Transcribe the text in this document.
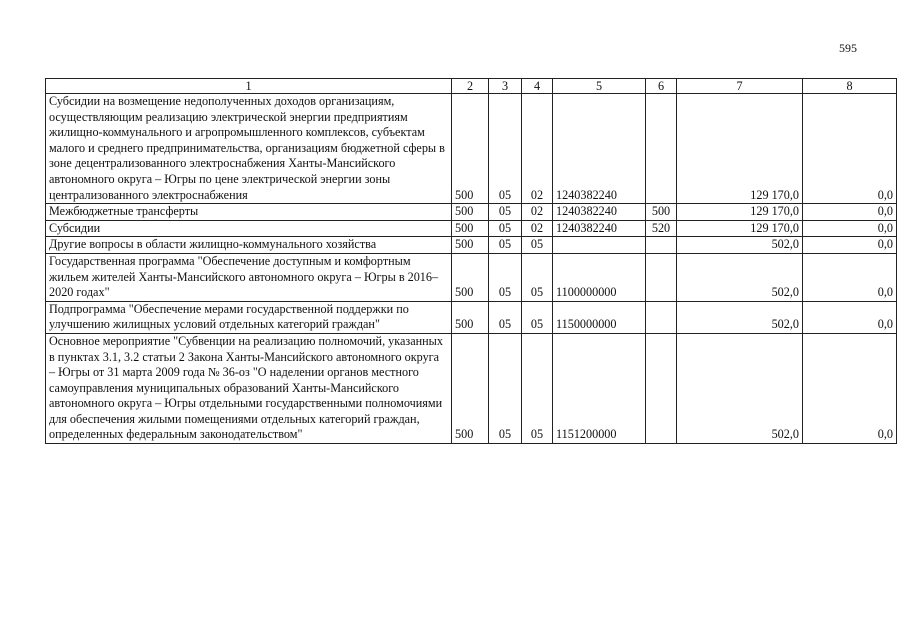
595
1	2	3	4	5	6	7	8
Субсидии на возмещение недополученных доходов организациям, осуществляющим реализацию электрической энергии предприятиям жилищно-коммунального и агропромышленного комплексов, субъектам малого и среднего предпринимательства, организациям бюджетной сферы в зоне децентрализованного электроснабжения Ханты-Мансийского автономного округа – Югры по цене электрической энергии зоны централизованного электроснабжения	500	05	02	1240382240		129 170,0	0,0
Межбюджетные трансферты	500	05	02	1240382240	500	129 170,0	0,0
Субсидии	500	05	02	1240382240	520	129 170,0	0,0
Другие вопросы в области жилищно-коммунального хозяйства	500	05	05			502,0	0,0
Государственная программа "Обеспечение доступным и комфортным жильем жителей Ханты-Мансийского автономного округа – Югры в 2016–2020 годах"	500	05	05	1100000000		502,0	0,0
Подпрограмма "Обеспечение мерами государственной поддержки по улучшению жилищных условий отдельных категорий граждан"	500	05	05	1150000000		502,0	0,0
Основное мероприятие "Субвенции на реализацию полномочий, указанных в пунктах 3.1, 3.2 статьи 2 Закона Ханты-Мансийского автономного округа – Югры от 31 марта 2009 года № 36-оз "О наделении органов местного самоуправления муниципальных образований Ханты-Мансийского автономного округа – Югры отдельными государственными полномочиями для обеспечения жилыми помещениями отдельных категорий граждан, определенных федеральным законодательством"	500	05	05	1151200000		502,0	0,0
